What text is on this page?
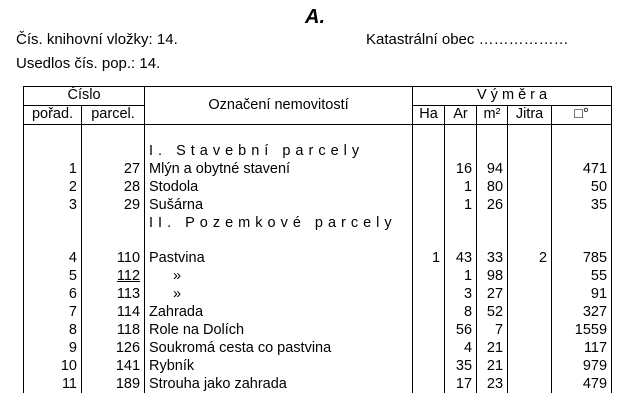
A.
Čís. knihovní vložky: 14.	Katastrální obec ………………
Usedlos čís. pop.: 14.
Číslo		Označení nemovitostí	V ý m ě r a				
pořad.	parcel.		Ha	Ar	m²	Jitra	□°

		I. Stavební parcely					
1	27	Mlýn a obytné stavení		16	94		471
2	28	Stodola		1	80		50
3	29	Sušárna		1	26		35
		II. Pozemkové parcely					

4	110	Pastvina	1	43	33	2	785
5	112	»		1	98		55
6	113	»		3	27		91
7	114	Zahrada		8	52		327
8	118	Role na Dolích		56	7		1559
9	126	Soukromá cesta co pastvina		4	21		117
10	141	Rybník		35	21		979
11	189	Strouha jako zahrada		17	23		479
